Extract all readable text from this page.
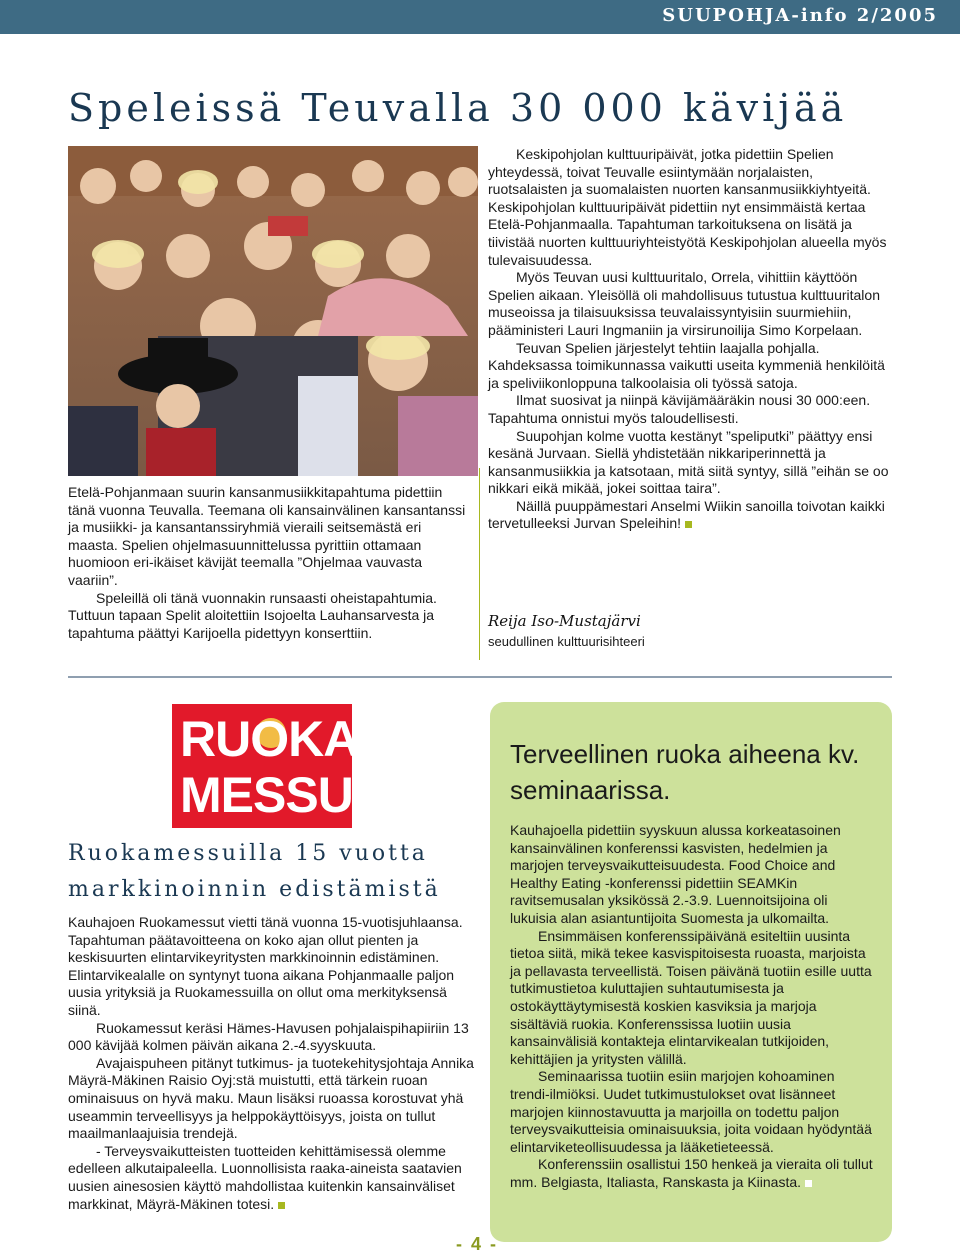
SUUPOHJA-info 2/2005
Speleissä Teuvalla 30 000 kävijää

Etelä-Pohjanmaan suurin kansanmusiikkitapahtuma pidettiin tänä vuonna Teuvalla. Teemana oli kansainvälinen kansantanssi ja musiikki- ja kansantanssiryhmiä vieraili seitsemästä eri maasta. Spelien ohjelmasuunnittelussa pyrittiin ottamaan huomioon eri-ikäiset kävijät teemalla ”Ohjelmaa vauvasta vaariin”.

Speleillä oli tänä vuonnakin runsaasti oheistapahtumia. Tuttuun tapaan Spelit aloitettiin Isojoelta Lauhansarvesta ja tapahtuma päättyi Karijoella pidettyyn konserttiin.

Keskipohjolan kulttuuripäivät, jotka pidettiin Spelien yhteydessä, toivat Teuvalle esiintymään norjalaisten, ruotsalaisten ja suomalaisten nuorten kansanmusiikkiyhtyeitä. Keskipohjolan kulttuuripäivät pidettiin nyt ensimmäistä kertaa Etelä-Pohjanmaalla. Tapahtuman tarkoituksena on lisätä ja tiivistää nuorten kulttuuriyhteistyötä Keskipohjolan alueella myös tulevaisuudessa.

Myös Teuvan uusi kulttuuritalo, Orrela, vihittiin käyttöön Spelien aikaan. Yleisöllä oli mahdollisuus tutustua kulttuuritalon museoissa ja tilaisuuksissa teuvalaissyntyisiin suurmiehiin, pääministeri Lauri Ingmaniin ja virsirunoilija Simo Korpelaan.

Teuvan Spelien järjestelyt tehtiin laajalla pohjalla. Kahdeksassa toimikunnassa vaikutti useita kymmeniä henkilöitä ja speliviikonloppuna talkoolaisia oli työssä satoja.

Ilmat suosivat ja niinpä kävijämääräkin nousi 30 000:een. Tapahtuma onnistui myös taloudellisesti.

Suupohjan kolme vuotta kestänyt ”speliputki” päättyy ensi kesänä Jurvaan. Siellä yhdistetään nikkariperinnettä ja kansanmusiikkia ja katsotaan, mitä siitä syntyy, sillä ”eihän se oo nikkari eikä mikää, jokei soittaa taira”.

Näillä puuppämestari Anselmi Wiikin sanoilla toivotan kaikki tervetulleeksi Jurvan Speleihin!

Reija Iso-Mustajärvi
seudullinen kulttuurisihteeri
RUOKA
MESSUT
Ruokamessuilla 15 vuotta
markkinoinnin edistämistä

Kauhajoen Ruokamessut vietti tänä vuonna 15-vuotisjuhlaansa. Tapahtuman päätavoitteena on koko ajan ollut pienten ja keskisuurten elintarvikeyritysten markkinoinnin edistäminen. Elintarvikealalle on syntynyt tuona aikana Pohjanmaalle paljon uusia yrityksiä ja Ruokamessuilla on ollut oma merkityksensä siinä.

Ruokamessut keräsi Hämes-Havusen pohjalaispihapiiriin 13 000 kävijää kolmen päivän aikana 2.-4.syyskuuta.

Avajaispuheen pitänyt tutkimus- ja tuotekehitysjohtaja Annika Mäyrä-Mäkinen Raisio Oyj:stä muistutti, että tärkein ruoan ominaisuus on hyvä maku. Maun lisäksi ruoassa korostuvat yhä useammin terveellisyys ja helppokäyttöisyys, joista on tullut maailmanlaajuisia trendejä.

- Terveysvaikutteisten tuotteiden kehittämisessä olemme edelleen alkutaipaleella. Luonnollisista raaka-aineista saatavien uusien ainesosien käyttö mahdollistaa kuitenkin kansainväliset markkinat, Mäyrä-Mäkinen totesi.

Terveellinen ruoka aiheena kv. seminaarissa.

Kauhajoella pidettiin syyskuun alussa korkeatasoinen kansainvälinen konferenssi kasvisten, hedelmien ja marjojen terveysvaikutteisuudesta. Food Choice and Healthy Eating -konferenssi pidettiin SEAMKin ravitsemusalan yksikössä 2.-3.9. Luennoitsijoina oli lukuisia alan asiantuntijoita Suomesta ja ulkomailta.

Ensimmäisen konferenssipäivänä esiteltiin uusinta tietoa siitä, mikä tekee kasvispitoisesta ruoasta, marjoista ja pellavasta terveellistä. Toisen päivänä tuotiin esille uutta tutkimustietoa kuluttajien suhtautumisesta ja ostokäyttäytymisestä koskien kasviksia ja marjoja sisältäviä ruokia. Konferenssissa luotiin uusia kansainvälisiä kontakteja elintarvikealan tutkijoiden, kehittäjien ja yritysten välillä.

Seminaarissa tuotiin esiin marjojen kohoaminen trendi-ilmiöksi. Uudet tutkimustulokset ovat lisänneet marjojen kiinnostavuutta ja marjoilla on todettu paljon terveysvaikutteisia ominaisuuksia, joita voidaan hyödyntää elintarviketeollisuudessa ja lääketieteessä.

Konferenssiin osallistui 150 henkeä ja vieraita oli tullut mm. Belgiasta, Italiasta, Ranskasta ja Kiinasta.

- 4 -
